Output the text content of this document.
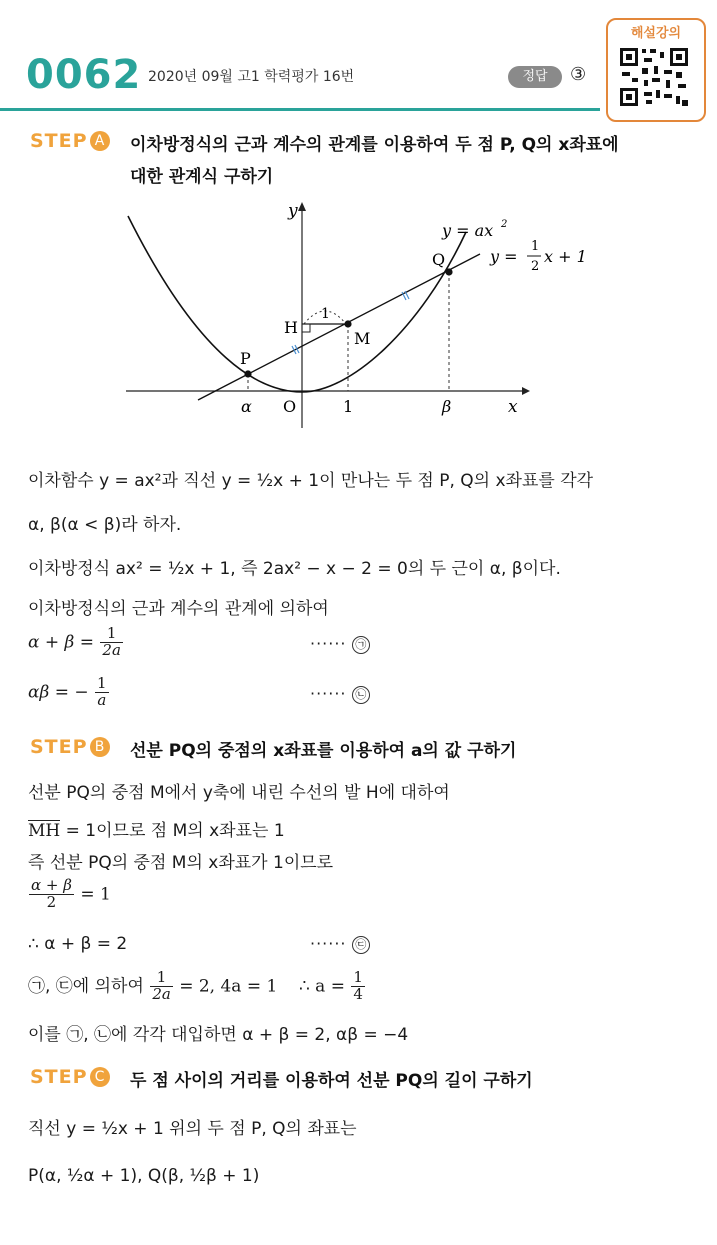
0062 2020년 09월 고1 학력평가 16번	정답	③
해설강의
STEP A	이차방정식의 근과 계수의 관계를 이용하여 두 점 P, Q의 x좌표에
대한 관계식 구하기
y
x
O
α	1	β
P
M
Q
H
1
y = ax 2
y =
1
2
x + 1
이차함수 y = ax²과 직선 y = ½x + 1이 만나는 두 점 P, Q의 x좌표를 각각
α, β(α < β)라 하자.
이차방정식 ax² = ½x + 1, 즉 2ax² − x − 2 = 0의 두 근이 α, β이다.
이차방정식의 근과 계수의 관계에 의하여
$\alpha + \beta = \frac{1}{2a}$	······ ㉠
αβ = − $\frac{1}{a}$	······ ㉡
STEP B	선분 PQ의 중점의 x좌표를 이용하여 a의 값 구하기
선분 PQ의 중점 M에서 y축에 내린 수선의 발 H에 대하여
MH = 1이므로 점 M의 x좌표는 1
즉 선분 PQ의 중점 M의 x좌표가 1이므로
$\frac{\alpha + \beta}{2} = 1$
∴ α + β = 2	······ ㉢
㉠, ㉢에 의하여 $\frac{1}{2a} = 2$, 4a = 1 ∴ $a = \frac{1}{4}$
이를 ㉠, ㉡에 각각 대입하면 α + β = 2, αβ = −4
STEP C	두 점 사이의 거리를 이용하여 선분 PQ의 길이 구하기
직선 y = ½x + 1 위의 두 점 P, Q의 좌표는
P(α, ½α + 1), Q(β, ½β + 1)
